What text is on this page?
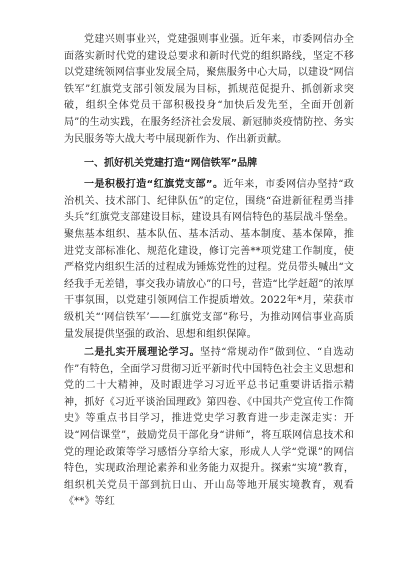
党建兴则事业兴，党建强则事业强。近年来，市委网信办全面落实新时代党的建设总要求和新时代党的组织路线，坚定不移以党建统领网信事业发展全局，聚焦服务中心大局，以建设“网信铁军”红旗党支部引领发展为目标，抓规范促提升、抓创新求突破，组织全体党员干部积极投身“加快后发先至，全面开创新局”的生动实践，在服务经济社会发展、新冠肺炎疫情防控、务实为民服务等大战大考中展现新作为、作出新贡献。

一、抓好机关党建打造“网信铁军”品牌

一是积极打造“红旗党支部”。近年来，市委网信办坚持“政治机关、技术部门、纪律队伍”的定位，围绕“奋进新征程勇当排头兵”红旗党支部建设目标，建设具有网信特色的基层战斗堡垒。聚焦基本组织、基本队伍、基本活动、基本制度、基本保障，推进党支部标准化、规范化建设，修订完善**项党建工作制度，使严格党内组织生活的过程成为锤炼党性的过程。党员带头喊出“文经我手无差错，事交我办请放心”的口号，营造“比学赶超”的浓厚干事氛围，以党建引领网信工作提质增效。2022年*月，荣获市级机关“‘网信铁军’——红旗党支部”称号，为推动网信事业高质量发展提供坚强的政治、思想和组织保障。

二是扎实开展理论学习。坚持“常规动作”做到位、“自选动作”有特色，全面学习贯彻习近平新时代中国特色社会主义思想和党的二十大精神，及时跟进学习习近平总书记重要讲话指示精神，抓好《习近平谈治国理政》第四卷、《中国共产党宣传工作简史》等重点书目学习，推进党史学习教育进一步走深走实：开设“网信课堂”，鼓励党员干部化身“讲师”，将互联网信息技术和党的理论政策等学习感悟分享给大家，形成人人学“党课”的网信特色，实现政治理论素养和业务能力双提升。探索“实境”教育，组织机关党员干部到抗日山、开山岛等地开展实境教育，观看《**》等红
